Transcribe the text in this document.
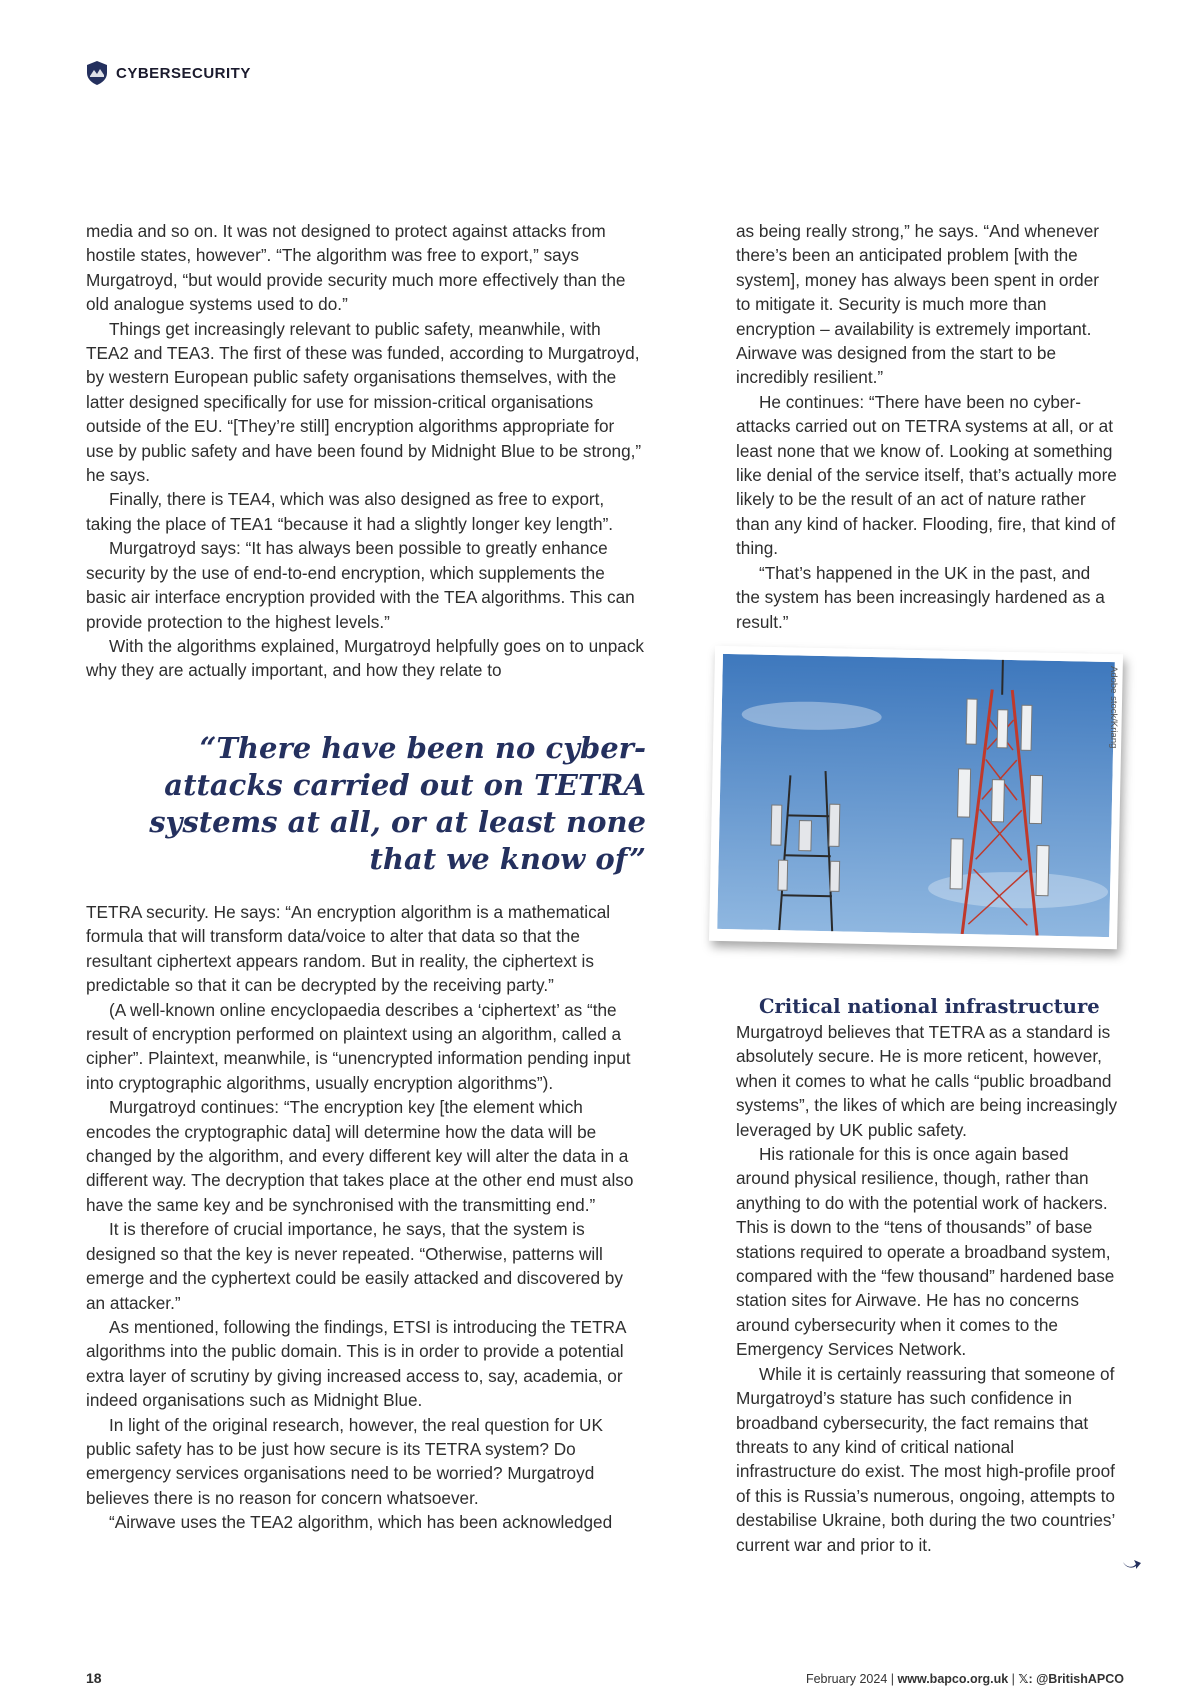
CYBERSECURITY

media and so on. It was not designed to protect against attacks from hostile states, however”. “The algorithm was free to export,” says Murgatroyd, “but would provide security much more effectively than the old analogue systems used to do.”

Things get increasingly relevant to public safety, meanwhile, with TEA2 and TEA3. The first of these was funded, according to Murgatroyd, by western European public safety organisations themselves, with the latter designed specifically for use for mission-critical organisations outside of the EU. “[They’re still] encryption algorithms appropriate for use by public safety and have been found by Midnight Blue to be strong,” he says.

Finally, there is TEA4, which was also designed as free to export, taking the place of TEA1 “because it had a slightly longer key length”.

Murgatroyd says: “It has always been possible to greatly enhance security by the use of end-to-end encryption, which supplements the basic air interface encryption provided with the TEA algorithms. This can provide protection to the highest levels.”

With the algorithms explained, Murgatroyd helpfully goes on to unpack why they are actually important, and how they relate to

“There have been no cyber-attacks carried out on TETRA systems at all, or at least none that we know of”

TETRA security. He says: “An encryption algorithm is a mathematical formula that will transform data/voice to alter that data so that the resultant ciphertext appears random. But in reality, the ciphertext is predictable so that it can be decrypted by the receiving party.”

(A well-known online encyclopaedia describes a ‘ciphertext’ as “the result of encryption performed on plaintext using an algorithm, called a cipher”. Plaintext, meanwhile, is “unencrypted information pending input into cryptographic algorithms, usually encryption algorithms”).

Murgatroyd continues: “The encryption key [the element which encodes the cryptographic data] will determine how the data will be changed by the algorithm, and every different key will alter the data in a different way. The decryption that takes place at the other end must also have the same key and be synchronised with the transmitting end.”

It is therefore of crucial importance, he says, that the system is designed so that the key is never repeated. “Otherwise, patterns will emerge and the cyphertext could be easily attacked and discovered by an attacker.”

As mentioned, following the findings, ETSI is introducing the TETRA algorithms into the public domain. This is in order to provide a potential extra layer of scrutiny by giving increased access to, say, academia, or indeed organisations such as Midnight Blue.

In light of the original research, however, the real question for UK public safety has to be just how secure is its TETRA system? Do emergency services organisations need to be worried? Murgatroyd believes there is no reason for concern whatsoever.

“Airwave uses the TEA2 algorithm, which has been acknowledged

as being really strong,” he says. “And whenever there’s been an anticipated problem [with the system], money has always been spent in order to mitigate it. Security is much more than encryption – availability is extremely important. Airwave was designed from the start to be incredibly resilient.”

He continues: “There have been no cyber-attacks carried out on TETRA systems at all, or at least none that we know of. Looking at something like denial of the service itself, that’s actually more likely to be the result of an act of nature rather than any kind of hacker. Flooding, fire, that kind of thing.

“That’s happened in the UK in the past, and the system has been increasingly hardened as a result.”

Adobe stock/Kriang

Critical national infrastructure

Murgatroyd believes that TETRA as a standard is absolutely secure. He is more reticent, however, when it comes to what he calls “public broadband systems”, the likes of which are being increasingly leveraged by UK public safety.

His rationale for this is once again based around physical resilience, though, rather than anything to do with the potential work of hackers. This is down to the “tens of thousands” of base stations required to operate a broadband system, compared with the “few thousand” hardened base station sites for Airwave. He has no concerns around cybersecurity when it comes to the Emergency Services Network.

While it is certainly reassuring that someone of Murgatroyd’s stature has such confidence in broadband cybersecurity, the fact remains that threats to any kind of critical national infrastructure do exist. The most high-profile proof of this is Russia’s numerous, ongoing, attempts to destabilise Ukraine, both during the two countries’ current war and prior to it.

18	February 2024 | www.bapco.org.uk | 𝕏: @BritishAPCO
